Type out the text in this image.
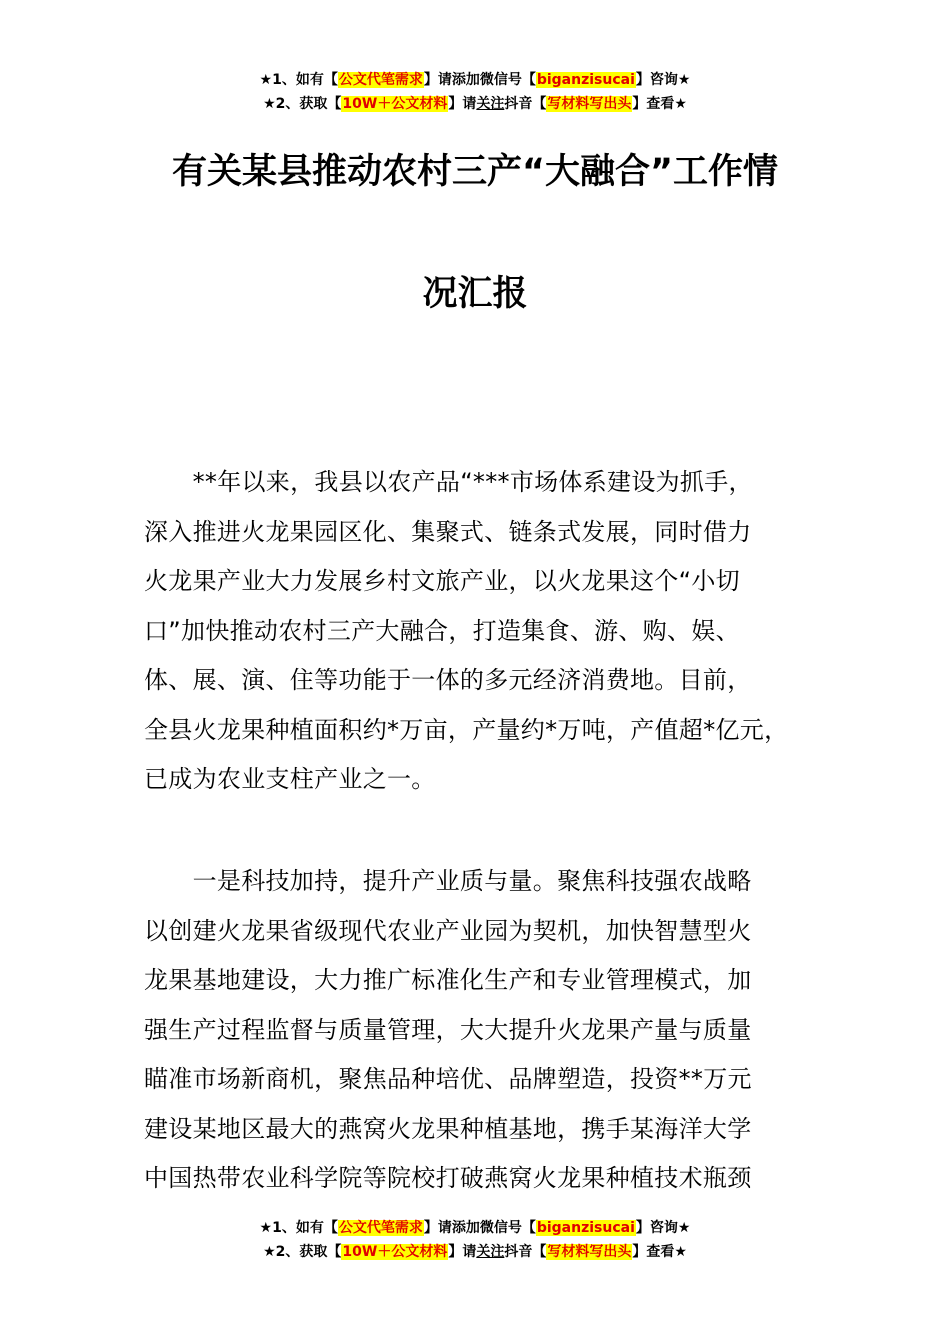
★1、如有【公文代笔需求】请添加微信号【biganzisucai】咨询★
★2、获取【10W＋公文材料】请关注抖音【写材料写出头】查看★
有关某县推动农村三产“大融合”工作情
况汇报
　　**年以来，我县以农产品“***市场体系建设为抓手，
深入推进火龙果园区化、集聚式、链条式发展，同时借力
火龙果产业大力发展乡村文旅产业，以火龙果这个“小切
口”加快推动农村三产大融合，打造集食、游、购、娱、
体、展、演、住等功能于一体的多元经济消费地。目前，
全县火龙果种植面积约*万亩，产量约*万吨，产值超*亿元，
已成为农业支柱产业之一。
　　一是科技加持，提升产业质与量。聚焦科技强农战略
以创建火龙果省级现代农业产业园为契机，加快智慧型火
龙果基地建设，大力推广标准化生产和专业管理模式，加
强生产过程监督与质量管理，大大提升火龙果产量与质量
瞄准市场新商机，聚焦品种培优、品牌塑造，投资**万元
建设某地区最大的燕窝火龙果种植基地，携手某海洋大学
中国热带农业科学院等院校打破燕窝火龙果种植技术瓶颈
★1、如有【公文代笔需求】请添加微信号【biganzisucai】咨询★
★2、获取【10W＋公文材料】请关注抖音【写材料写出头】查看★
